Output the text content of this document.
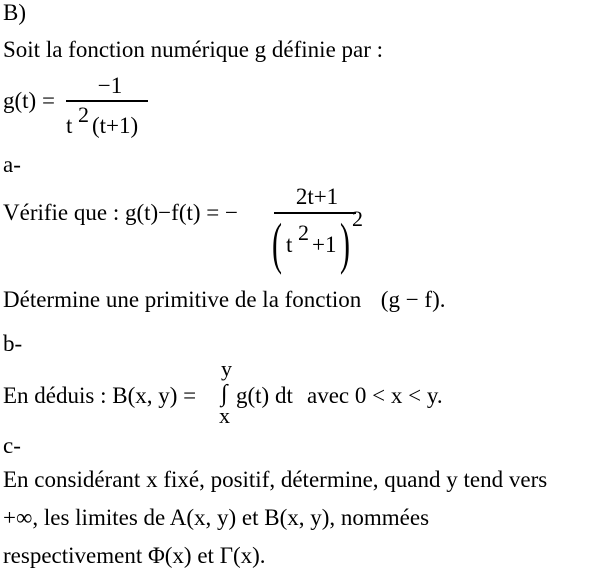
B)
Soit la fonction numérique g définie par :
g(t) =
−1
t 2 (t+1)
a-
Vérifie que : g(t)−f(t) = −
2t+1
( t 2 +1 ) 2
Détermine une primitive de la fonction (g − f).
b-
En déduis : B(x, y) =
y
∫
x
g(t) dt avec 0 < x < y.
c-
En considérant x fixé, positif, détermine, quand y tend vers
+∞, les limites de A(x, y) et B(x, y), nommées
respectivement Φ(x) et Γ(x).
